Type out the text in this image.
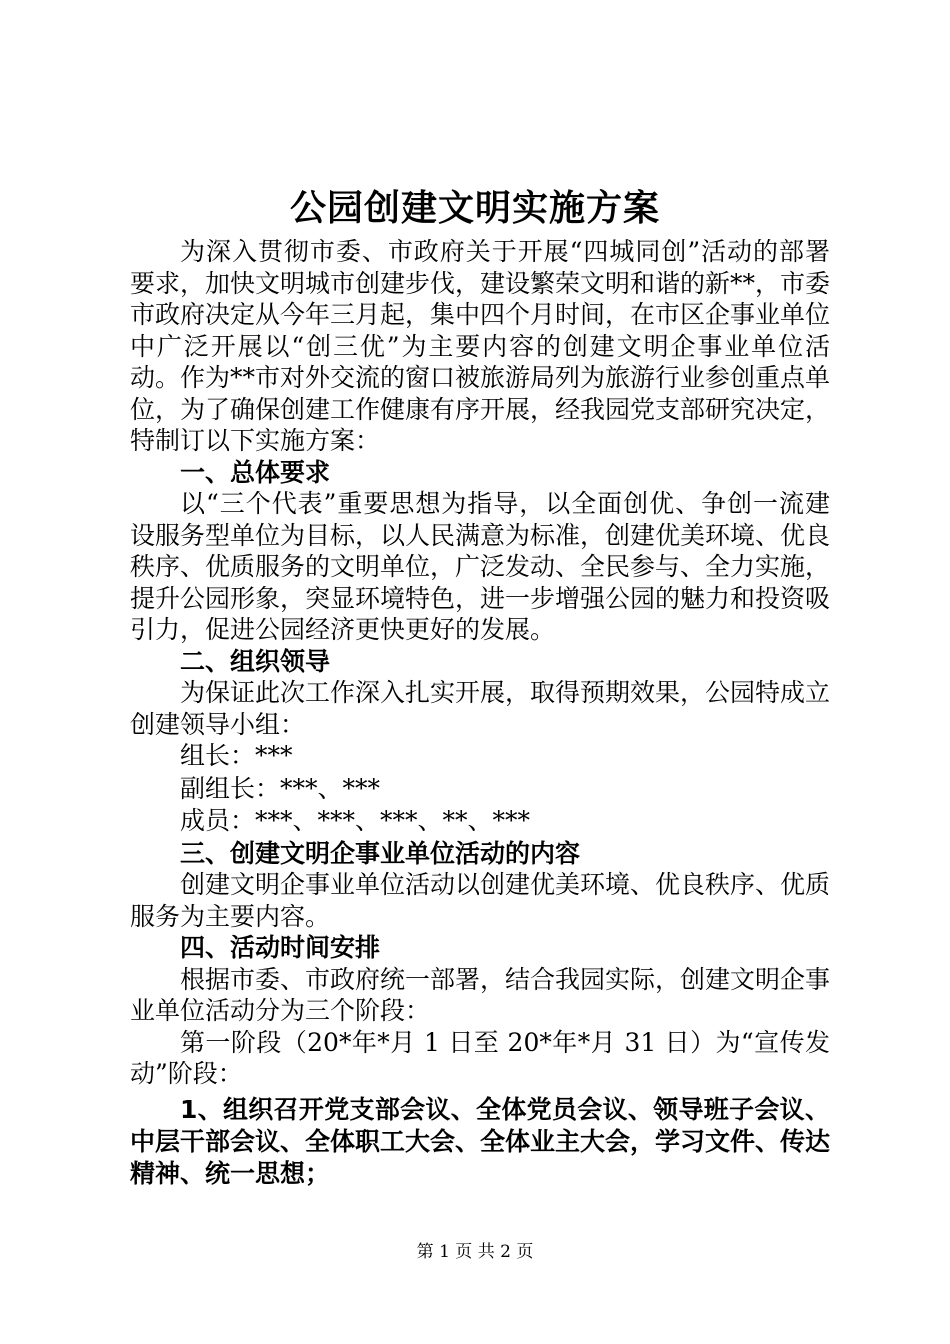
公园创建文明实施方案

为深入贯彻市委、市政府关于开展“四城同创”活动的部署要求，加快文明城市创建步伐，建设繁荣文明和谐的新**，市委市政府决定从今年三月起，集中四个月时间，在市区企事业单位中广泛开展以“创三优”为主要内容的创建文明企事业单位活动。作为**市对外交流的窗口被旅游局列为旅游行业参创重点单位，为了确保创建工作健康有序开展，经我园党支部研究决定，特制订以下实施方案：

一、总体要求

以“三个代表”重要思想为指导，以全面创优、争创一流建设服务型单位为目标，以人民满意为标准，创建优美环境、优良秩序、优质服务的文明单位，广泛发动、全民参与、全力实施，提升公园形象，突显环境特色，进一步增强公园的魅力和投资吸引力，促进公园经济更快更好的发展。

二、组织领导

为保证此次工作深入扎实开展，取得预期效果，公园特成立创建领导小组：

组长：***

副组长：***、***

成员：***、***、***、**、***

三、创建文明企事业单位活动的内容

创建文明企事业单位活动以创建优美环境、优良秩序、优质服务为主要内容。

四、活动时间安排

根据市委、市政府统一部署，结合我园实际，创建文明企事业单位活动分为三个阶段：

第一阶段（20*年*月 1 日至 20*年*月 31 日）为“宣传发动”阶段：

1、组织召开党支部会议、全体党员会议、领导班子会议、中层干部会议、全体职工大会、全体业主大会，学习文件、传达精神、统一思想；

第 1 页 共 2 页
